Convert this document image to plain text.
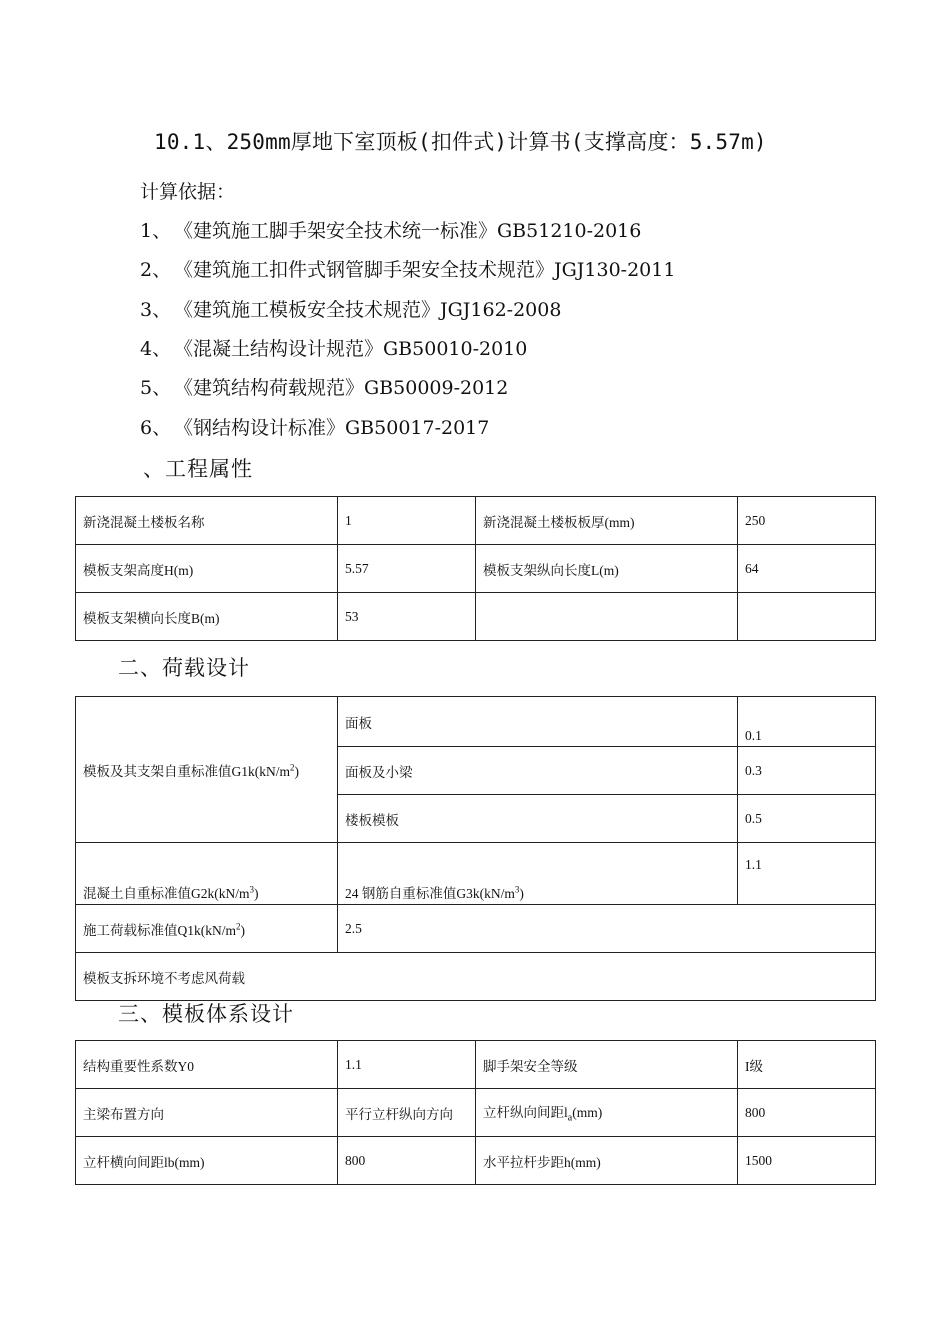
10.1、250mm厚地下室顶板(扣件式)计算书(支撑高度：5.57m)
计算依据：
1、 《建筑施工脚手架安全技术统一标准》GB51210-2016
2、 《建筑施工扣件式钢管脚手架安全技术规范》JGJ130-2011
3、 《建筑施工模板安全技术规范》JGJ162-2008
4、 《混凝土结构设计规范》GB50010-2010
5、 《建筑结构荷载规范》GB50009-2012
6、 《钢结构设计标准》GB50017-2017
、工程属性
新浇混凝土楼板名称	1	新浇混凝土楼板板厚(mm)	250
模板支架高度H(m)	5.57	模板支架纵向长度L(m)	64
模板支架横向长度B(m)	53		
二、荷载设计
模板及其支架自重标准值$G1k(kN/m^2)$	面板	0.1
	面板及小梁	0.3
	楼板模板	0.5
混凝土自重标准值$G2k(kN/m^3)$	24 钢筋自重标准值$G3k(kN/m^3)$	1.1
施工荷载标准值$Q1k(kN/m^2)$	2.5	
模板支拆环境不考虑风荷载		
三、模板体系设计
结构重要性系数Υ0	1.1	脚手架安全等级	I级
主梁布置方向	平行立杆纵向方向	立杆纵向间距$l_a(mm)$	800
立杆横向间距lb(mm)	800	水平拉杆步距h(mm)	1500
